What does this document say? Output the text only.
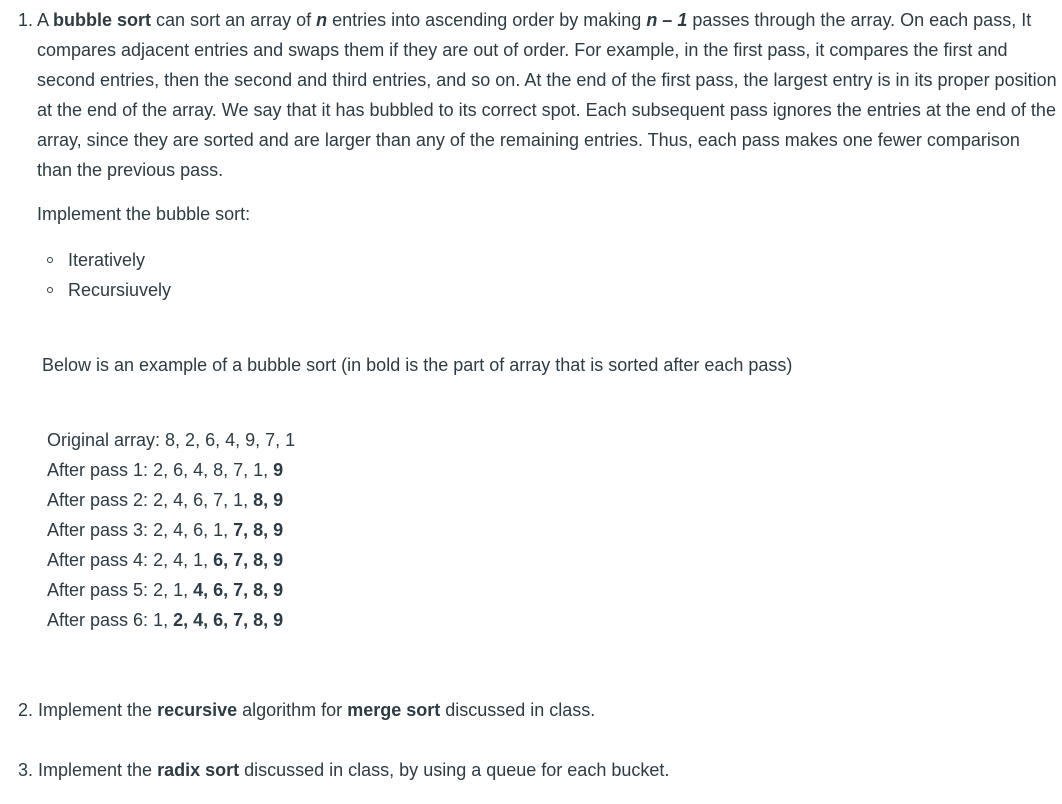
1. A bubble sort can sort an array of n entries into ascending order by making n – 1 passes through the array. On each pass, It compares adjacent entries and swaps them if they are out of order. For example, in the first pass, it compares the first and second entries, then the second and third entries, and so on. At the end of the first pass, the largest entry is in its proper position at the end of the array. We say that it has bubbled to its correct spot. Each subsequent pass ignores the entries at the end of the array, since they are sorted and are larger than any of the remaining entries. Thus, each pass makes one fewer comparison than the previous pass.

Implement the bubble sort:

Iteratively
Recursiuvely

Below is an example of a bubble sort (in bold is the part of array that is sorted after each pass)

Original array: 8, 2, 6, 4, 9, 7, 1
After pass 1: 2, 6, 4, 8, 7, 1, 9
After pass 2: 2, 4, 6, 7, 1, 8, 9
After pass 3: 2, 4, 6, 1, 7, 8, 9
After pass 4: 2, 4, 1, 6, 7, 8, 9
After pass 5: 2, 1, 4, 6, 7, 8, 9
After pass 6: 1, 2, 4, 6, 7, 8, 9

2. Implement the recursive algorithm for merge sort discussed in class.

3. Implement the radix sort discussed in class, by using a queue for each bucket.
